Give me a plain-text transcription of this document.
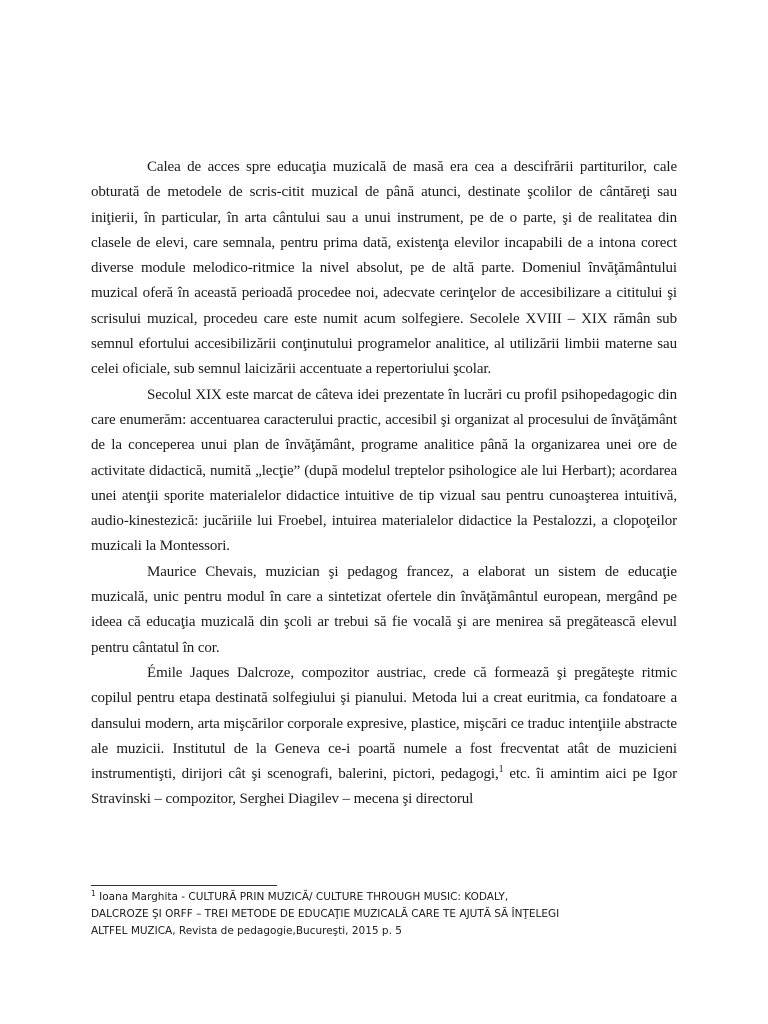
Calea de acces spre educaţia muzicală de masă era cea a descifrării partiturilor, cale obturată de metodele de scris-citit muzical de până atunci, destinate şcolilor de cântăreţi sau iniţierii, în particular, în arta cântului sau a unui instrument, pe de o parte, şi de realitatea din clasele de elevi, care semnala, pentru prima dată, existenţa elevilor incapabili de a intona corect diverse module melodico-ritmice la nivel absolut, pe de altă parte. Domeniul învăţământului muzical oferă în această perioadă procedee noi, adecvate cerinţelor de accesibilizare a cititului şi scrisului muzical, procedeu care este numit acum solfegiere. Secolele XVIII – XIX rămân sub semnul efortului accesibilizării conţinutului programelor analitice, al utilizării limbii materne sau celei oficiale, sub semnul laicizării accentuate a repertoriului şcolar.

Secolul XIX este marcat de câteva idei prezentate în lucrări cu profil psihopedagogic din care enumerăm: accentuarea caracterului practic, accesibil şi organizat al procesului de învăţământ de la conceperea unui plan de învăţământ, programe analitice până la organizarea unei ore de activitate didactică, numită „lecţie” (după modelul treptelor psihologice ale lui Herbart); acordarea unei atenţii sporite materialelor didactice intuitive de tip vizual sau pentru cunoaşterea intuitivă, audio-kinestezică: jucăriile lui Froebel, intuirea materialelor didactice la Pestalozzi, a clopoţeilor muzicali la Montessori.

Maurice Chevais, muzician şi pedagog francez, a elaborat un sistem de educaţie muzicală, unic pentru modul în care a sintetizat ofertele din învăţământul european, mergând pe ideea că educaţia muzicală din şcoli ar trebui să fie vocală şi are menirea să pregătească elevul pentru cântatul în cor.

Émile Jaques Dalcroze, compozitor austriac, crede că formează şi pregăteşte ritmic copilul pentru etapa destinată solfegiului şi pianului. Metoda lui a creat euritmia, ca fondatoare a dansului modern, arta mişcărilor corporale expresive, plastice, mişcări ce traduc intenţiile abstracte ale muzicii. Institutul de la Geneva ce-i poartă numele a fost frecventat atât de muzicieni instrumentişti, dirijori cât şi scenografi, balerini, pictori, pedagogi,$^1$ etc. îi amintim aici pe Igor Stravinski – compozitor, Serghei Diagilev – mecena şi directorul

$^1$ Ioana Marghita - CULTURĂ PRIN MUZICĂ/ CULTURE THROUGH MUSIC: KODALY, DALCROZE ŞI ORFF – TREI METODE DE EDUCAŢIE MUZICALĂ CARE TE AJUTĂ SĂ ÎNŢELEGI ALTFEL MUZICA, Revista de pedagogie,Bucureşti, 2015 p. 5
